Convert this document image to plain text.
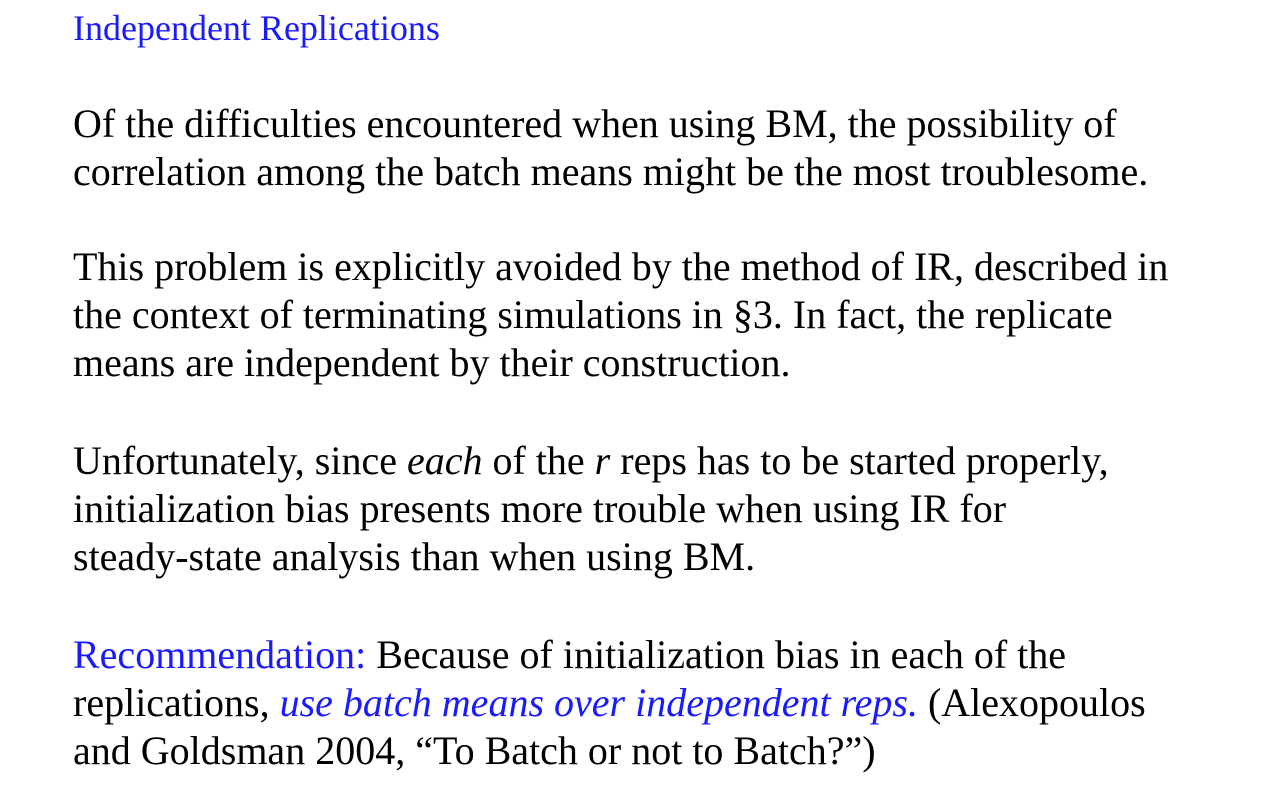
Independent Replications
Of the difficulties encountered when using BM, the possibility of
correlation among the batch means might be the most troublesome.
This problem is explicitly avoided by the method of IR, described in
the context of terminating simulations in §3. In fact, the replicate
means are independent by their construction.
Unfortunately, since each of the r reps has to be started properly,
initialization bias presents more trouble when using IR for
steady-state analysis than when using BM.
Recommendation: Because of initialization bias in each of the
replications, use batch means over independent reps. (Alexopoulos
and Goldsman 2004, “To Batch or not to Batch?”)
